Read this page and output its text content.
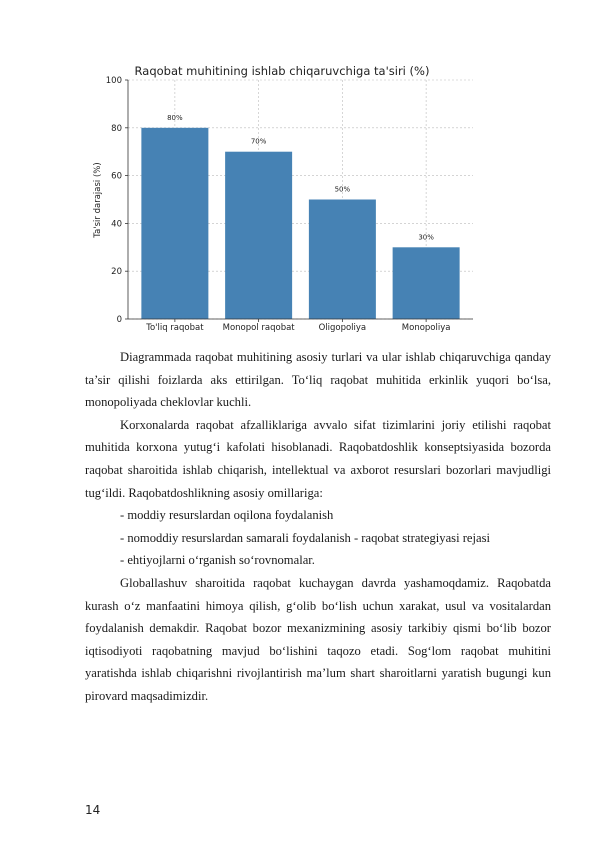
Raqobat muhitining ishlab chiqaruvchiga ta'siri (%)
Ta'sir darajasi (%)
0
20
40
60
80
100
To'liq raqobat Monopol raqobat	Oligopoliya	Monopoliya
80%
70%
50%
30%

Diagrammada raqobat muhitining asosiy turlari va ular ishlab chiqaruvchiga qanday ta’sir qilishi foizlarda aks ettirilgan. To‘liq raqobat muhitida erkinlik yuqori bo‘lsa, monopoliyada cheklovlar kuchli.

Korxonalarda raqobat afzalliklariga avvalo sifat tizimlarini joriy etilishi raqobat muhitida korxona yutug‘i kafolati hisoblanadi. Raqobatdoshlik konseptsiyasida bozorda raqobat sharoitida ishlab chiqarish, intellektual va axborot resurslari bozorlari mavjudligi tug‘ildi. Raqobatdoshlikning asosiy omillariga:

- moddiy resurslardan oqilona foydalanish

- nomoddiy resurslardan samarali foydalanish - raqobat strategiyasi rejasi

- ehtiyojlarni o‘rganish so‘rovnomalar.

Globallashuv sharoitida raqobat kuchaygan davrda yashamoqdamiz. Raqobatda kurash o‘z manfaatini himoya qilish, g‘olib bo‘lish uchun xarakat, usul va vositalardan foydalanish demakdir. Raqobat bozor mexanizmining asosiy tarkibiy qismi bo‘lib bozor iqtisodiyoti raqobatning mavjud bo‘lishini taqozo etadi. Sog‘lom raqobat muhitini yaratishda ishlab chiqarishni rivojlantirish ma’lum shart sharoitlarni yaratish bugungi kun pirovard maqsadimizdir.

14
